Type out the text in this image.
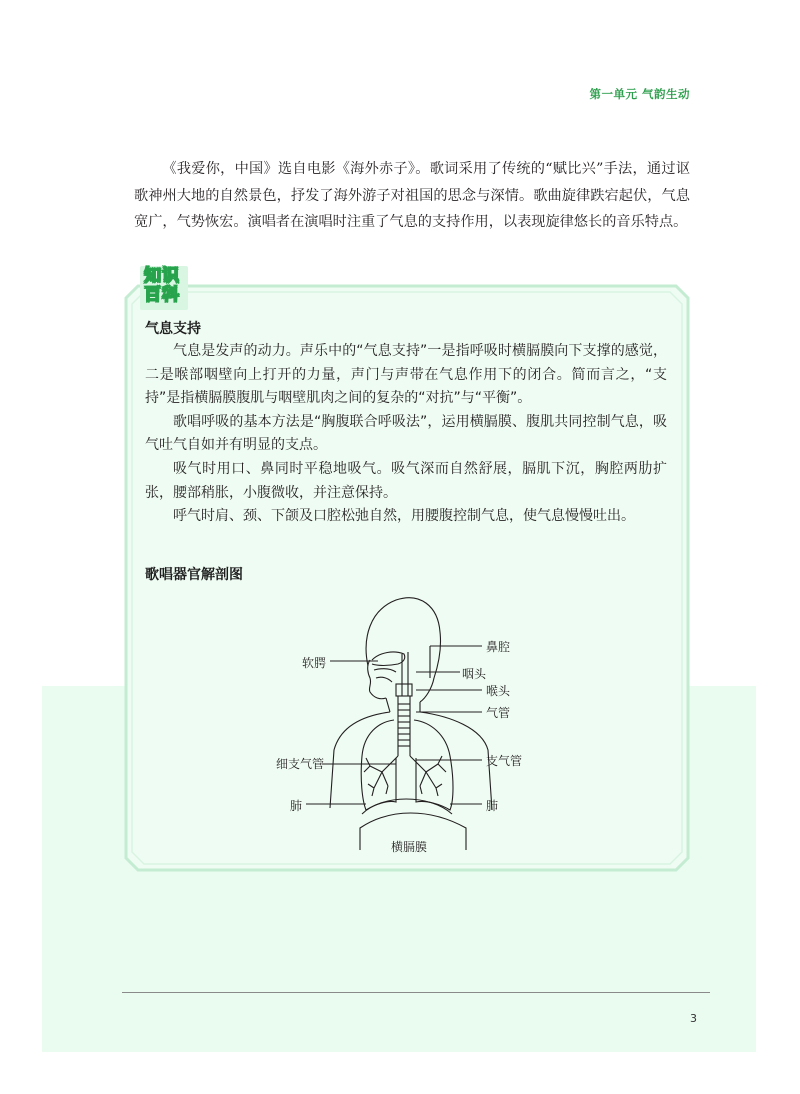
第一单元 气韵生动

《我爱你，中国》选自电影《海外赤子》。歌词采用了传统的“赋比兴”手法，通过讴歌神州大地的自然景色，抒发了海外游子对祖国的思念与深情。歌曲旋律跌宕起伏，气息宽广，气势恢宏。演唱者在演唱时注重了气息的支持作用，以表现旋律悠长的音乐特点。

知识
百科
气息支持

气息是发声的动力。声乐中的“气息支持”一是指呼吸时横膈膜向下支撑的感觉，二是喉部咽壁向上打开的力量，声门与声带在气息作用下的闭合。简而言之，“支持”是指横膈膜腹肌与咽壁肌肉之间的复杂的“对抗”与“平衡”。

歌唱呼吸的基本方法是“胸腹联合呼吸法”，运用横膈膜、腹肌共同控制气息，吸气吐气自如并有明显的支点。

吸气时用口、鼻同时平稳地吸气。吸气深而自然舒展，膈肌下沉，胸腔两肋扩张，腰部稍胀，小腹微收，并注意保持。

呼气时肩、颈、下颌及口腔松弛自然，用腰腹控制气息，使气息慢慢吐出。

歌唱器官解剖图
软腭
鼻腔
咽头
喉头
气管
细支气管	支气管
肺	肺
横膈膜
3
